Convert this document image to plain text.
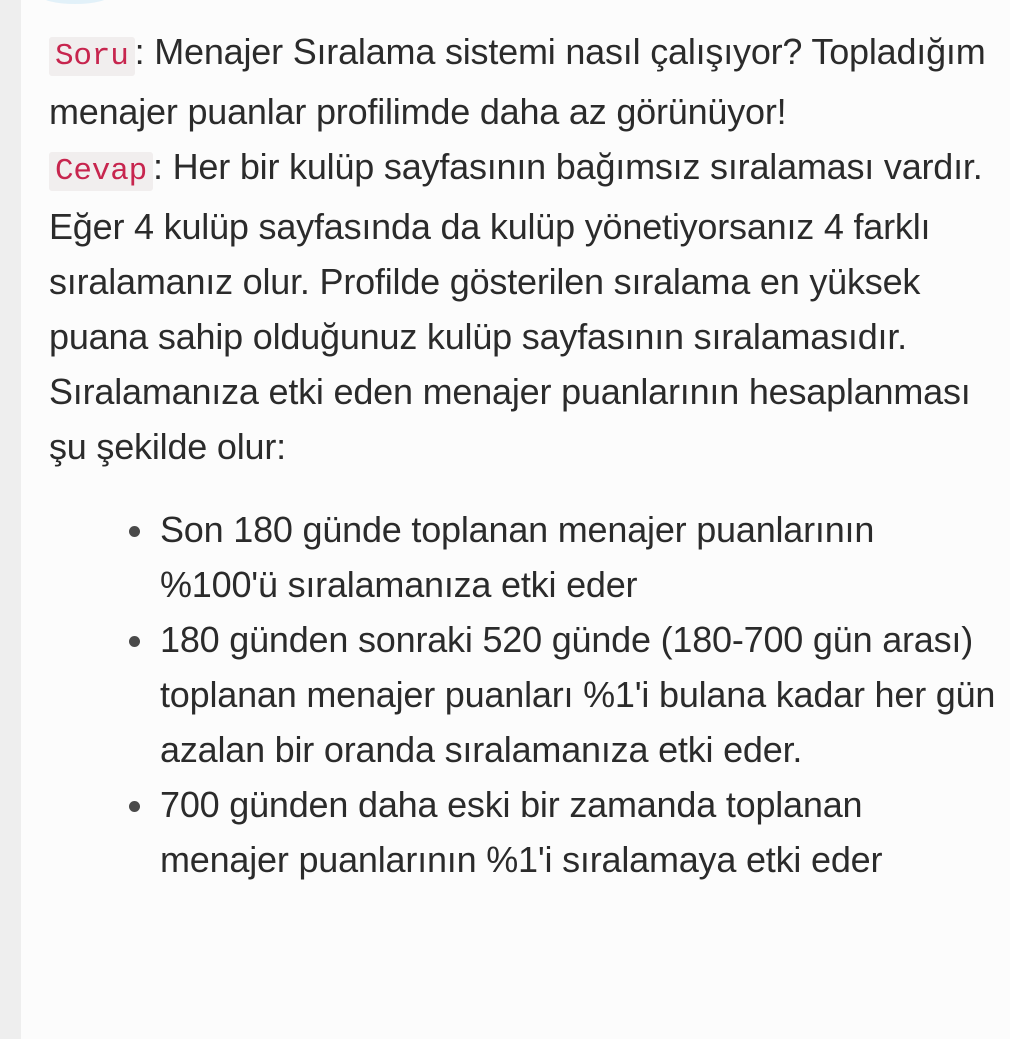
Soru : Menajer Sıralama sistemi nasıl çalışıyor? Topladığım menajer puanlar profilimde daha az görünüyor!

Cevap : Her bir kulüp sayfasının bağımsız sıralaması vardır. Eğer 4 kulüp sayfasında da kulüp yönetiyorsanız 4 farklı sıralamanız olur. Profilde gösterilen sıralama en yüksek puana sahip olduğunuz kulüp sayfasının sıralamasıdır. Sıralamanıza etki eden menajer puanlarının hesaplanması şu şekilde olur:

Son 180 günde toplanan menajer puanlarının %100'ü sıralamanıza etki eder
180 günden sonraki 520 günde (180-700 gün arası) toplanan menajer puanları %1'i bulana kadar her gün azalan bir oranda sıralamanıza etki eder.
700 günden daha eski bir zamanda toplanan menajer puanlarının %1'i sıralamaya etki eder
